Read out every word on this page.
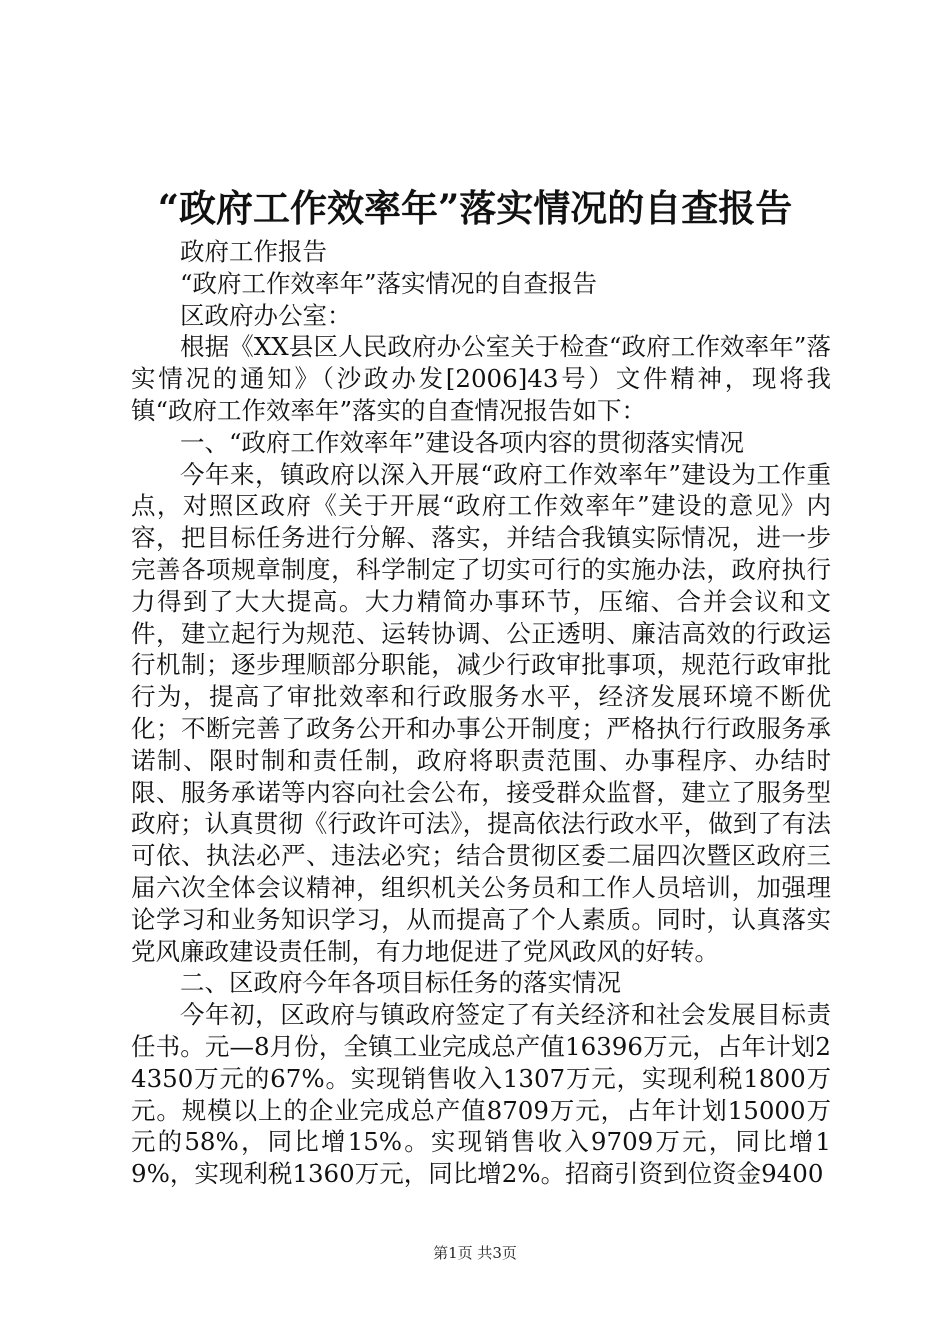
“政府工作效率年”落实情况的自查报告

政府工作报告

“政府工作效率年”落实情况的自查报告

区政府办公室：

根据《XX县区人民政府办公室关于检查“政府工作效率年”落实情况的通知》（沙政办发[2006]43号）文件精神，现将我镇“政府工作效率年”落实的自查情况报告如下：

一、“政府工作效率年”建设各项内容的贯彻落实情况

今年来，镇政府以深入开展“政府工作效率年”建设为工作重点，对照区政府《关于开展“政府工作效率年”建设的意见》内容，把目标任务进行分解、落实，并结合我镇实际情况，进一步完善各项规章制度，科学制定了切实可行的实施办法，政府执行力得到了大大提高。大力精简办事环节，压缩、合并会议和文件，建立起行为规范、运转协调、公正透明、廉洁高效的行政运行机制；逐步理顺部分职能，减少行政审批事项，规范行政审批行为，提高了审批效率和行政服务水平，经济发展环境不断优化；不断完善了政务公开和办事公开制度；严格执行行政服务承诺制、限时制和责任制，政府将职责范围、办事程序、办结时限、服务承诺等内容向社会公布，接受群众监督，建立了服务型政府；认真贯彻《行政许可法》，提高依法行政水平，做到了有法可依、执法必严、违法必究；结合贯彻区委二届四次暨区政府三届六次全体会议精神，组织机关公务员和工作人员培训，加强理论学习和业务知识学习，从而提高了个人素质。同时，认真落实党风廉政建设责任制，有力地促进了党风政风的好转。

二、区政府今年各项目标任务的落实情况

今年初，区政府与镇政府签定了有关经济和社会发展目标责任书。元—8月份，全镇工业完成总产值16396万元，占年计划24350万元的67%。实现销售收入1307万元，实现利税1800万元。规模以上的企业完成总产值8709万元，占年计划15000万元的58%，同比增15%。实现销售收入9709万元，同比增19%，实现利税1360万元，同比增2%。招商引资到位资金9400

第1页 共3页
